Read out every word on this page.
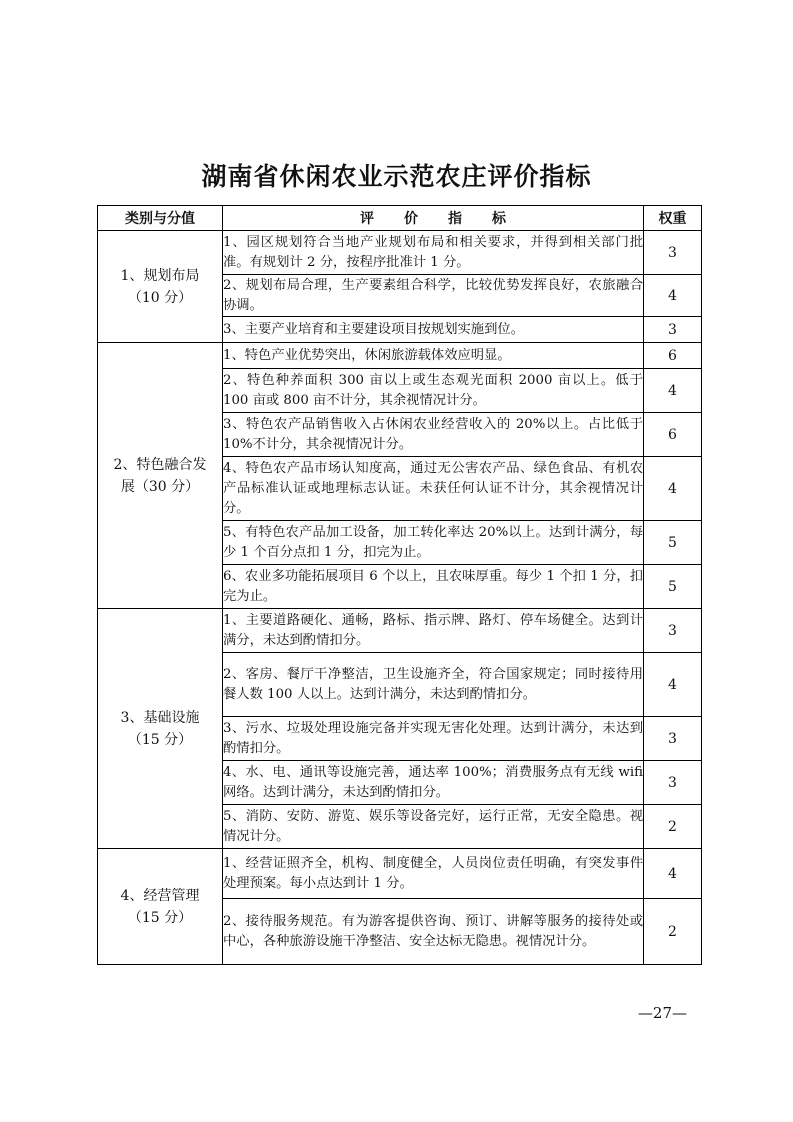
湖南省休闲农业示范农庄评价指标
类别与分值	评价指标	权重

1、规划布局
（10 分）	1、园区规划符合当地产业规划布局和相关要求，并得到相关部门批准。有规划计 2 分，按程序批准计 1 分。	3
	2、规划布局合理，生产要素组合科学，比较优势发挥良好，农旅融合协调。	4
	3、主要产业培育和主要建设项目按规划实施到位。	3

2、特色融合发
展（30 分）	1、特色产业优势突出，休闲旅游载体效应明显。	6
	2、特色种养面积 300 亩以上或生态观光面积 2000 亩以上。低于 100 亩或 800 亩不计分，其余视情况计分。	4
	3、特色农产品销售收入占休闲农业经营收入的 20%以上。占比低于 10%不计分，其余视情况计分。	6
	4、特色农产品市场认知度高，通过无公害农产品、绿色食品、有机农产品标准认证或地理标志认证。未获任何认证不计分，其余视情况计分。	4
	5、有特色农产品加工设备，加工转化率达 20%以上。达到计满分，每少 1 个百分点扣 1 分，扣完为止。	5
	6、农业多功能拓展项目 6 个以上，且农味厚重。每少 1 个扣 1 分，扣完为止。	5

3、基础设施
（15 分）	1、主要道路硬化、通畅，路标、指示牌、路灯、停车场健全。达到计满分，未达到酌情扣分。	3
	2、客房、餐厅干净整洁，卫生设施齐全，符合国家规定；同时接待用餐人数 100 人以上。达到计满分，未达到酌情扣分。	4
	3、污水、垃圾处理设施完备并实现无害化处理。达到计满分，未达到酌情扣分。	3
	4、水、电、通讯等设施完善，通达率 100%；消费服务点有无线 wifi 网络。达到计满分，未达到酌情扣分。	3
	5、消防、安防、游览、娱乐等设备完好，运行正常，无安全隐患。视情况计分。	2

4、经营管理
（15 分）	1、经营证照齐全，机构、制度健全，人员岗位责任明确，有突发事件处理预案。每小点达到计 1 分。	4
	2、接待服务规范。有为游客提供咨询、预订、讲解等服务的接待处或中心，各种旅游设施干净整洁、安全达标无隐患。视情况计分。	2
—27—
